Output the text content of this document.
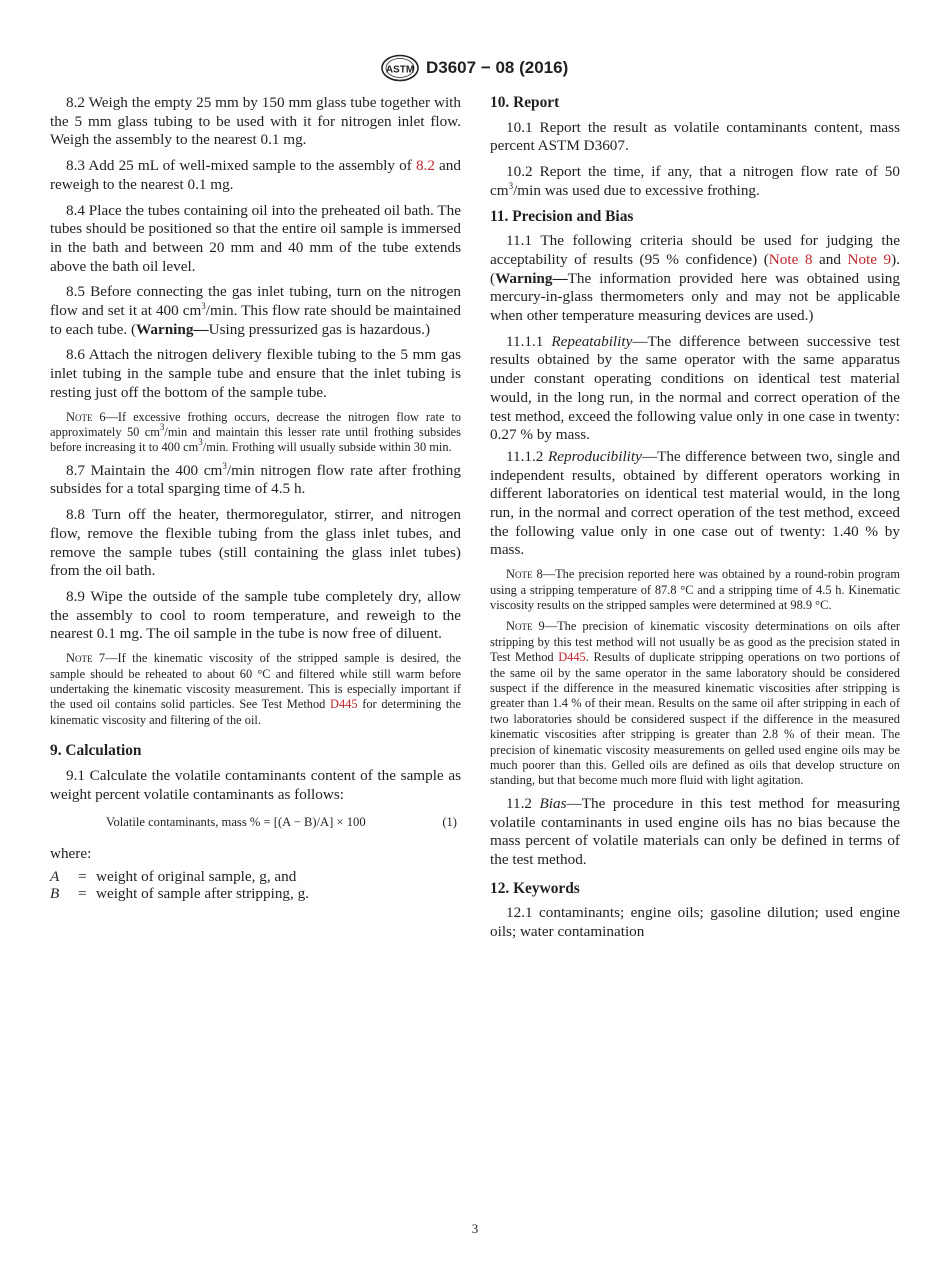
ASTM D3607 − 08 (2016)

8.2 Weigh the empty 25 mm by 150 mm glass tube together with the 5 mm glass tubing to be used with it for nitrogen inlet flow. Weigh the assembly to the nearest 0.1 mg.

8.3 Add 25 mL of well-mixed sample to the assembly of 8.2 and reweigh to the nearest 0.1 mg.

8.4 Place the tubes containing oil into the preheated oil bath. The tubes should be positioned so that the entire oil sample is immersed in the bath and between 20 mm and 40 mm of the tube extends above the bath oil level.

8.5 Before connecting the gas inlet tubing, turn on the nitrogen flow and set it at 400 $cm^3/\min$. This flow rate should be maintained to each tube. (Warning—Using pressurized gas is hazardous.)

8.6 Attach the nitrogen delivery flexible tubing to the 5 mm gas inlet tubing in the sample tube and ensure that the inlet tubing is resting just off the bottom of the sample tube.

Note 6—If excessive frothing occurs, decrease the nitrogen flow rate to approximately 50 $cm^3/\min$ and maintain this lesser rate until frothing subsides before increasing it to 400 $cm^3/\min$. Frothing will usually subside within 30 min.

8.7 Maintain the 400 $cm^3/\min$ nitrogen flow rate after frothing subsides for a total sparging time of 4.5 h.

8.8 Turn off the heater, thermoregulator, stirrer, and nitrogen flow, remove the flexible tubing from the glass inlet tubes, and remove the sample tubes (still containing the glass inlet tubes) from the oil bath.

8.9 Wipe the outside of the sample tube completely dry, allow the assembly to cool to room temperature, and reweigh to the nearest 0.1 mg. The oil sample in the tube is now free of diluent.

Note 7—If the kinematic viscosity of the stripped sample is desired, the sample should be reheated to about 60 °C and filtered while still warm before undertaking the kinematic viscosity measurement. This is especially important if the used oil contains solid particles. See Test Method D445 for determining the kinematic viscosity and filtering of the oil.

9. Calculation

9.1 Calculate the volatile contaminants content of the sample as weight percent volatile contaminants as follows:

Volatile contaminants, mass % = [(A − B)/A] × 100	(1)

where:

A	= weight of original sample, g, and
B	= weight of sample after stripping, g.

10. Report

10.1 Report the result as volatile contaminants content, mass percent ASTM D3607.

10.2 Report the time, if any, that a nitrogen flow rate of 50 $cm^3/\min$ was used due to excessive frothing.

11. Precision and Bias

11.1 The following criteria should be used for judging the acceptability of results (95 % confidence) (Note 8 and Note 9). (Warning—The information provided here was obtained using mercury-in-glass thermometers only and may not be applicable when other temperature measuring devices are used.)

11.1.1 Repeatability—The difference between successive test results obtained by the same operator with the same apparatus under constant operating conditions on identical test material would, in the long run, in the normal and correct operation of the test method, exceed the following value only in one case in twenty: 0.27 % by mass.

11.1.2 Reproducibility—The difference between two, single and independent results, obtained by different operators working in different laboratories on identical test material would, in the long run, in the normal and correct operation of the test method, exceed the following value only in one case out of twenty: 1.40 % by mass.

Note 8—The precision reported here was obtained by a round-robin program using a stripping temperature of 87.8 °C and a stripping time of 4.5 h. Kinematic viscosity results on the stripped samples were determined at 98.9 °C.

Note 9—The precision of kinematic viscosity determinations on oils after stripping by this test method will not usually be as good as the precision stated in Test Method D445. Results of duplicate stripping operations on two portions of the same oil by the same operator in the same laboratory should be considered suspect if the difference in the measured kinematic viscosities after stripping is greater than 1.4 % of their mean. Results on the same oil after stripping in each of two laboratories should be considered suspect if the difference in the measured kinematic viscosities after stripping is greater than 2.8 % of their mean. The precision of kinematic viscosity measurements on gelled used engine oils may be much poorer than this. Gelled oils are defined as oils that develop structure on standing, but that become much more fluid with light agitation.

11.2 Bias—The procedure in this test method for measuring volatile contaminants in used engine oils has no bias because the mass percent of volatile materials can only be defined in terms of the test method.

12. Keywords

12.1 contaminants; engine oils; gasoline dilution; used engine oils; water contamination

3
